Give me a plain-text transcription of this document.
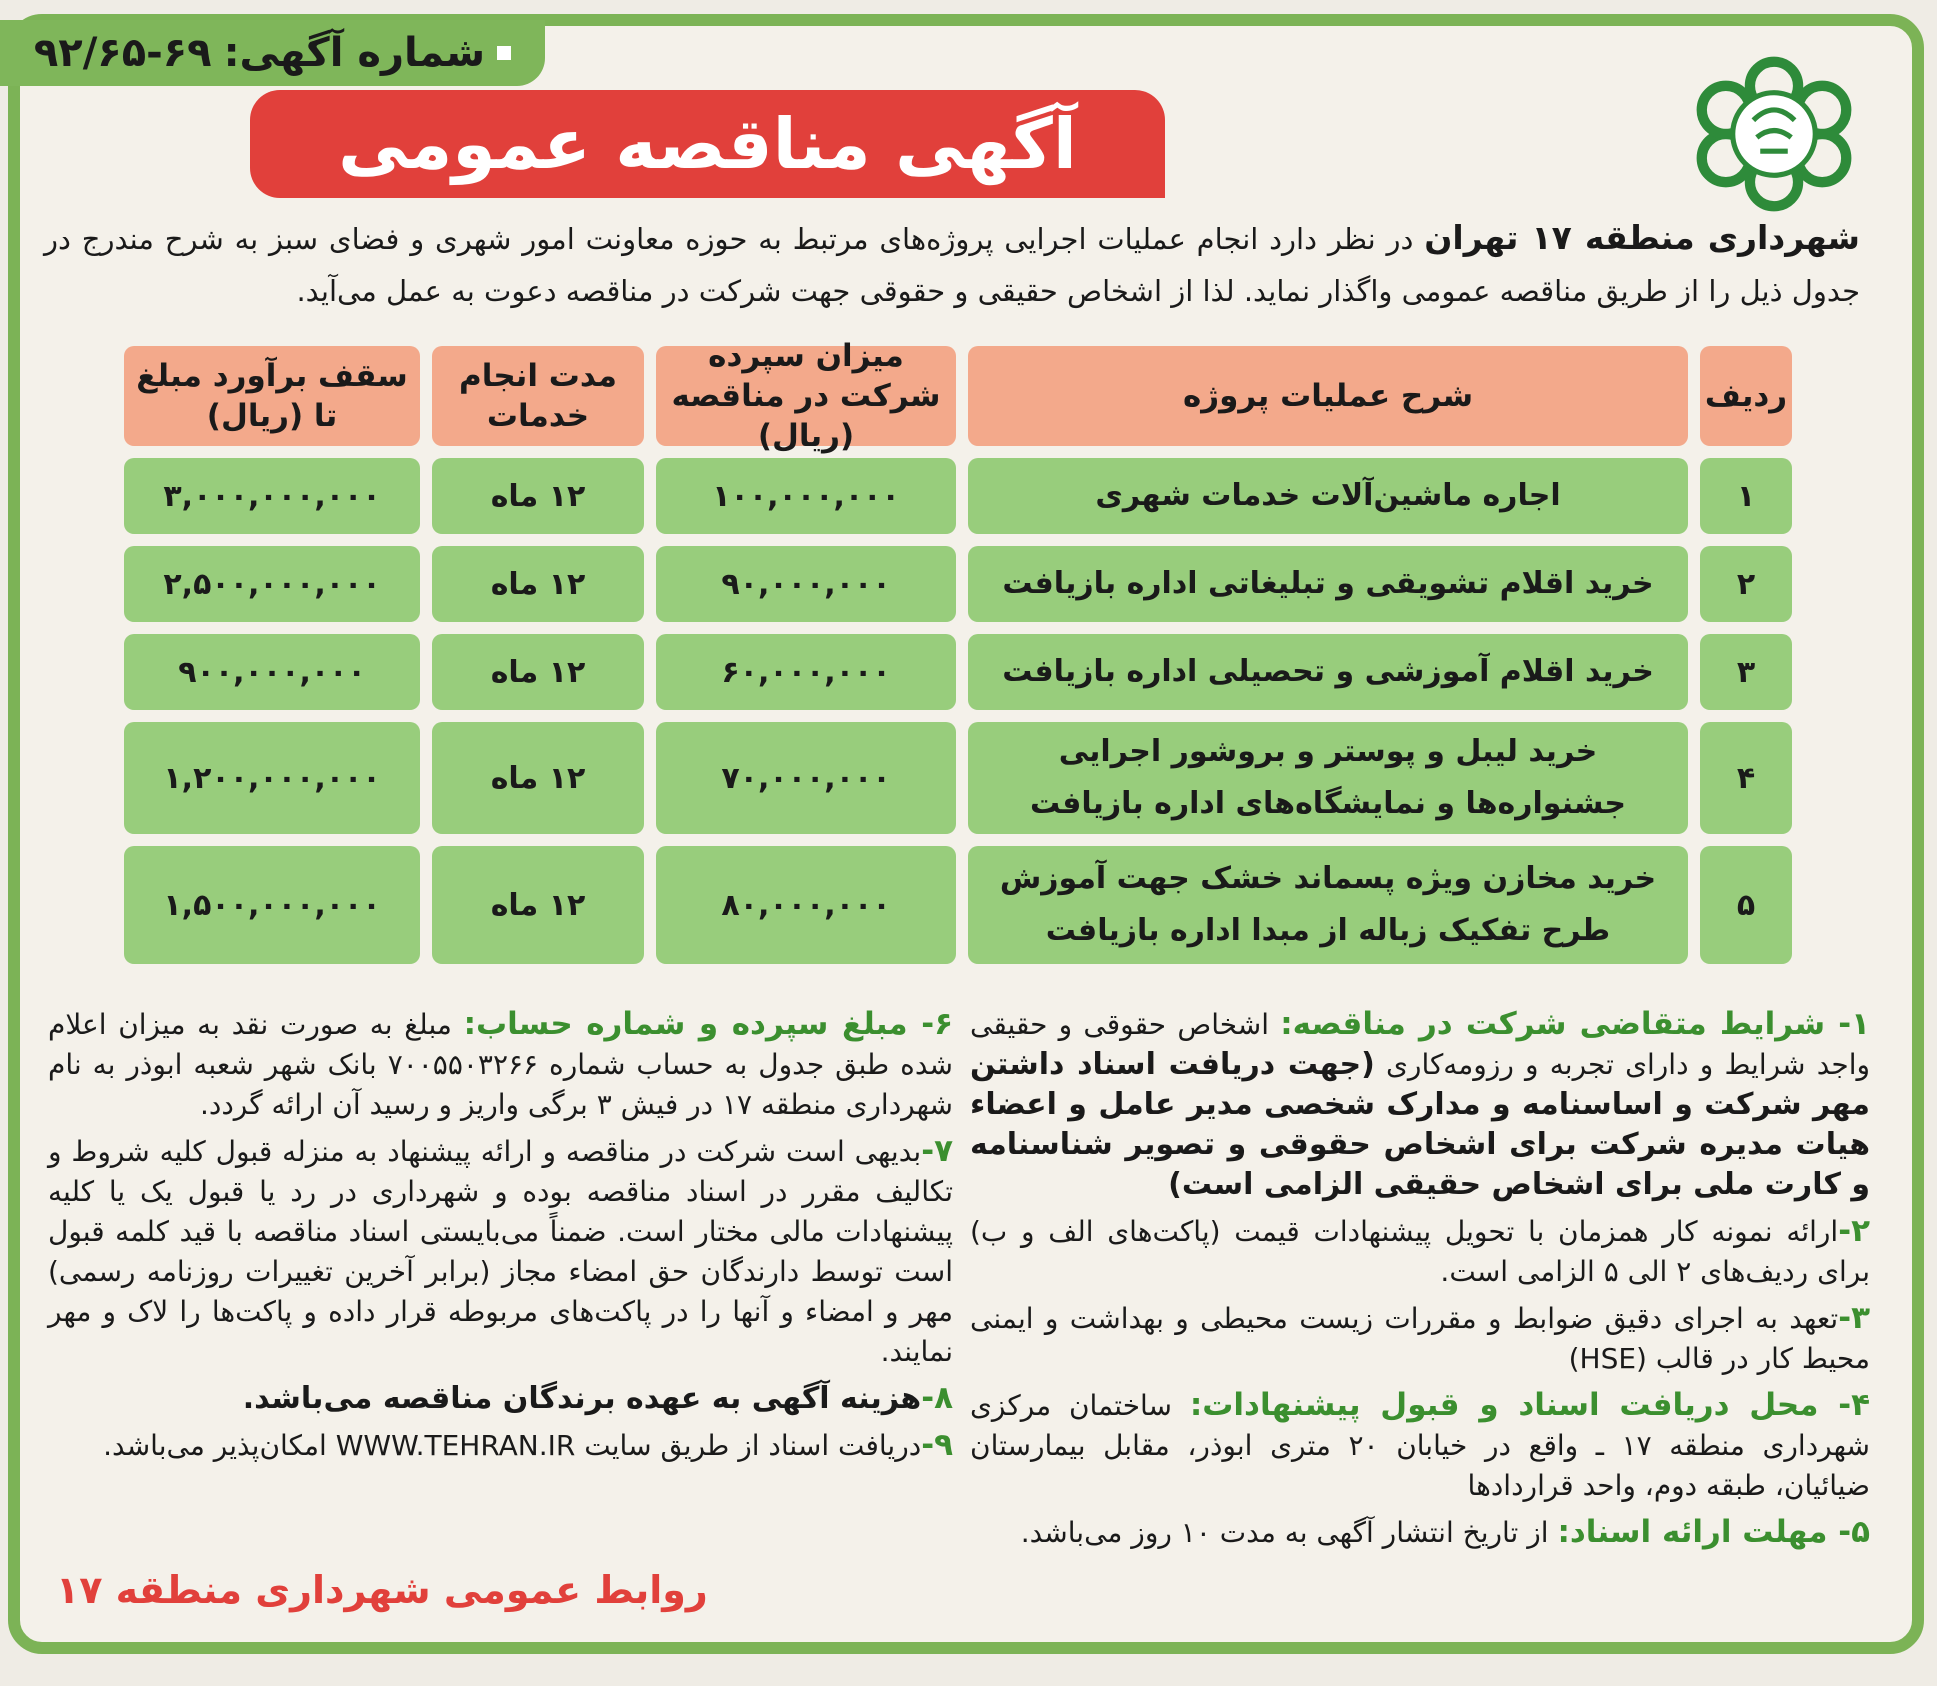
شماره آگهی:
۹۲/۶۵-۶۹
آگهی مناقصه عمومی
شهرداری منطقه ۱۷ تهران در نظر دارد انجام عملیات اجرایی پروژه‌های مرتبط به حوزه معاونت امور شهری و فضای سبز به شرح مندرج در جدول ذیل را از طریق مناقصه عمومی واگذار نماید. لذا از اشخاص حقیقی و حقوقی جهت شرکت در مناقصه دعوت به عمل می‌آید.
ردیف
شرح عملیات پروژه
میزان سپرده شرکت در مناقصه (ریال)
مدت انجام خدمات
سقف برآورد مبلغ تا (ریال)
۱
اجاره ماشین‌آلات خدمات شهری
۱۰۰,۰۰۰,۰۰۰
۱۲ ماه
۳,۰۰۰,۰۰۰,۰۰۰
۲
خرید اقلام تشویقی و تبلیغاتی اداره بازیافت
۹۰,۰۰۰,۰۰۰
۱۲ ماه
۲,۵۰۰,۰۰۰,۰۰۰
۳
خرید اقلام آموزشی و تحصیلی اداره بازیافت
۶۰,۰۰۰,۰۰۰
۱۲ ماه
۹۰۰,۰۰۰,۰۰۰
۴
خرید لیبل و پوستر و بروشور اجرایی جشنواره‌ها و نمایشگاه‌های اداره بازیافت
۷۰,۰۰۰,۰۰۰
۱۲ ماه
۱,۲۰۰,۰۰۰,۰۰۰
۵
خرید مخازن ویژه پسماند خشک جهت آموزش طرح تفکیک زباله از مبدا اداره بازیافت
۸۰,۰۰۰,۰۰۰
۱۲ ماه
۱,۵۰۰,۰۰۰,۰۰۰
۱- شرایط متقاضی شرکت در مناقصه: اشخاص حقوقی و حقیقی واجد شرایط و دارای تجربه و رزومه‌کاری (جهت دریافت اسناد داشتن مهر شرکت و اساسنامه و مدارک شخصی مدیر عامل و اعضاء هیات مدیره شرکت برای اشخاص حقوقی و تصویر شناسنامه و کارت ملی برای اشخاص حقیقی الزامی است)
۲-ارائه نمونه کار همزمان با تحویل پیشنهادات قیمت (پاکت‌های الف و ب) برای ردیف‌های ۲ الی ۵ الزامی است.
۳-تعهد به اجرای دقیق ضوابط و مقررات زیست محیطی و بهداشت و ایمنی محیط کار در قالب (HSE)
۴- محل دریافت اسناد و قبول پیشنهادات: ساختمان مرکزی شهرداری منطقه ۱۷ ـ واقع در خیابان ۲۰ متری ابوذر، مقابل بیمارستان ضیائیان، طبقه دوم، واحد قراردادها
۵- مهلت ارائه اسناد: از تاریخ انتشار آگهی به مدت ۱۰ روز می‌باشد.
۶- مبلغ سپرده و شماره حساب: مبلغ به صورت نقد به میزان اعلام شده طبق جدول به حساب شماره ۷۰۰۵۵۰۳۲۶۶ بانک شهر شعبه ابوذر به نام شهرداری منطقه ۱۷ در فیش ۳ برگی واریز و رسید آن ارائه گردد.
۷-بدیهی است شرکت در مناقصه و ارائه پیشنهاد به منزله قبول کلیه شروط و تکالیف مقرر در اسناد مناقصه بوده و شهرداری در رد یا قبول یک یا کلیه پیشنهادات مالی مختار است. ضمناً می‌بایستی اسناد مناقصه با قید کلمه قبول است توسط دارندگان حق امضاء مجاز (برابر آخرین تغییرات روزنامه رسمی) مهر و امضاء و آنها را در پاکت‌های مربوطه قرار داده و پاکت‌ها را لاک و مهر نمایند.
۸-هزینه آگهی به عهده برندگان مناقصه می‌باشد.
۹-دریافت اسناد از طریق سایت WWW.TEHRAN.IR امکان‌پذیر می‌باشد.
روابط عمومی شهرداری منطقه ۱۷
